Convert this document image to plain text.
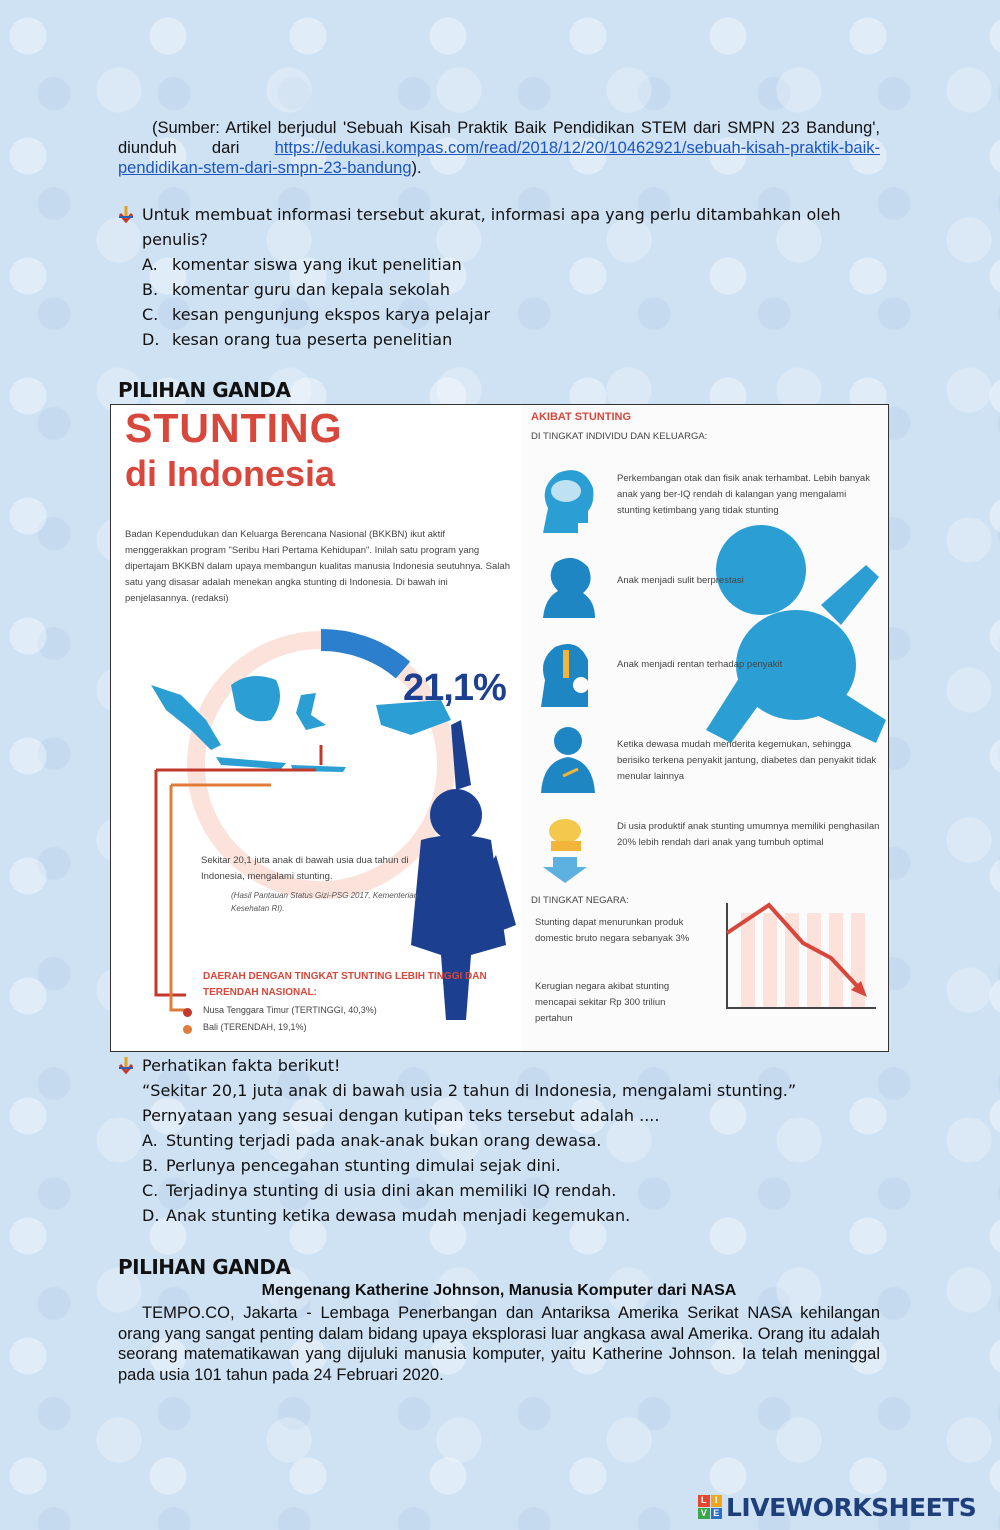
(Sumber: Artikel berjudul 'Sebuah Kisah Praktik Baik Pendidikan STEM dari SMPN 23 Bandung', diunduh dari https://edukasi.kompas.com/read/2018/12/20/10462921/sebuah-kisah-praktik-baik-pendidikan-stem-dari-smpn-23-bandung).
Untuk membuat informasi tersebut akurat, informasi apa yang perlu ditambahkan oleh penulis?
A. komentar siswa yang ikut penelitian
B. komentar guru dan kepala sekolah
C. kesan pengunjung ekspos karya pelajar
D. kesan orang tua peserta penelitian
PILIHAN GANDA
STUNTING
di Indonesia
Badan Kependudukan dan Keluarga Berencana Nasional (BKKBN) ikut aktif menggerakkan program "Seribu Hari Pertama Kehidupan". Inilah satu program yang dipertajam BKKBN dalam upaya membangun kualitas manusia Indonesia seutuhnya. Salah satu yang disasar adalah menekan angka stunting di Indonesia. Di bawah ini penjelasannya. (redaksi)
21,1%
Sekitar 20,1 juta anak di bawah usia dua tahun di Indonesia, mengalami stunting.
(Hasil Pantauan Status Gizi-PSG 2017, Kementerian Kesehatan RI).
DAERAH DENGAN TINGKAT STUNTING LEBIH TINGGI DAN TERENDAH NASIONAL:
Nusa Tenggara Timur (TERTINGGI, 40,3%)
Bali (TERENDAH, 19,1%)
AKIBAT STUNTING
DI TINGKAT INDIVIDU DAN KELUARGA:
Perkembangan otak dan fisik anak terhambat. Lebih banyak anak yang ber-IQ rendah di kalangan yang mengalami stunting ketimbang yang tidak stunting
Anak menjadi sulit berprestasi
Anak menjadi rentan terhadap penyakit
Ketika dewasa mudah menderita kegemukan, sehingga berisiko terkena penyakit jantung, diabetes dan penyakit tidak menular lainnya
Di usia produktif anak stunting umumnya memiliki penghasilan 20% lebih rendah dari anak yang tumbuh optimal
DI TINGKAT NEGARA:
Stunting dapat menurunkan produk domestic bruto negara sebanyak 3%
Kerugian negara akibat stunting mencapai sekitar Rp 300 triliun pertahun
Perhatikan fakta berikut!
“Sekitar 20,1 juta anak di bawah usia 2 tahun di Indonesia, mengalami stunting.”
Pernyataan yang sesuai dengan kutipan teks tersebut adalah ....
A. Stunting terjadi pada anak-anak bukan orang dewasa.
B. Perlunya pencegahan stunting dimulai sejak dini.
C. Terjadinya stunting di usia dini akan memiliki IQ rendah.
D. Anak stunting ketika dewasa mudah menjadi kegemukan.
PILIHAN GANDA
Mengenang Katherine Johnson, Manusia Komputer dari NASA
TEMPO.CO, Jakarta - Lembaga Penerbangan dan Antariksa Amerika Serikat NASA kehilangan orang yang sangat penting dalam bidang upaya eksplorasi luar angkasa awal Amerika. Orang itu adalah seorang matematikawan yang dijuluki manusia komputer, yaitu Katherine Johnson. Ia telah meninggal pada usia 101 tahun pada 24 Februari 2020.
L I
V E LIVEWORKSHEETS
